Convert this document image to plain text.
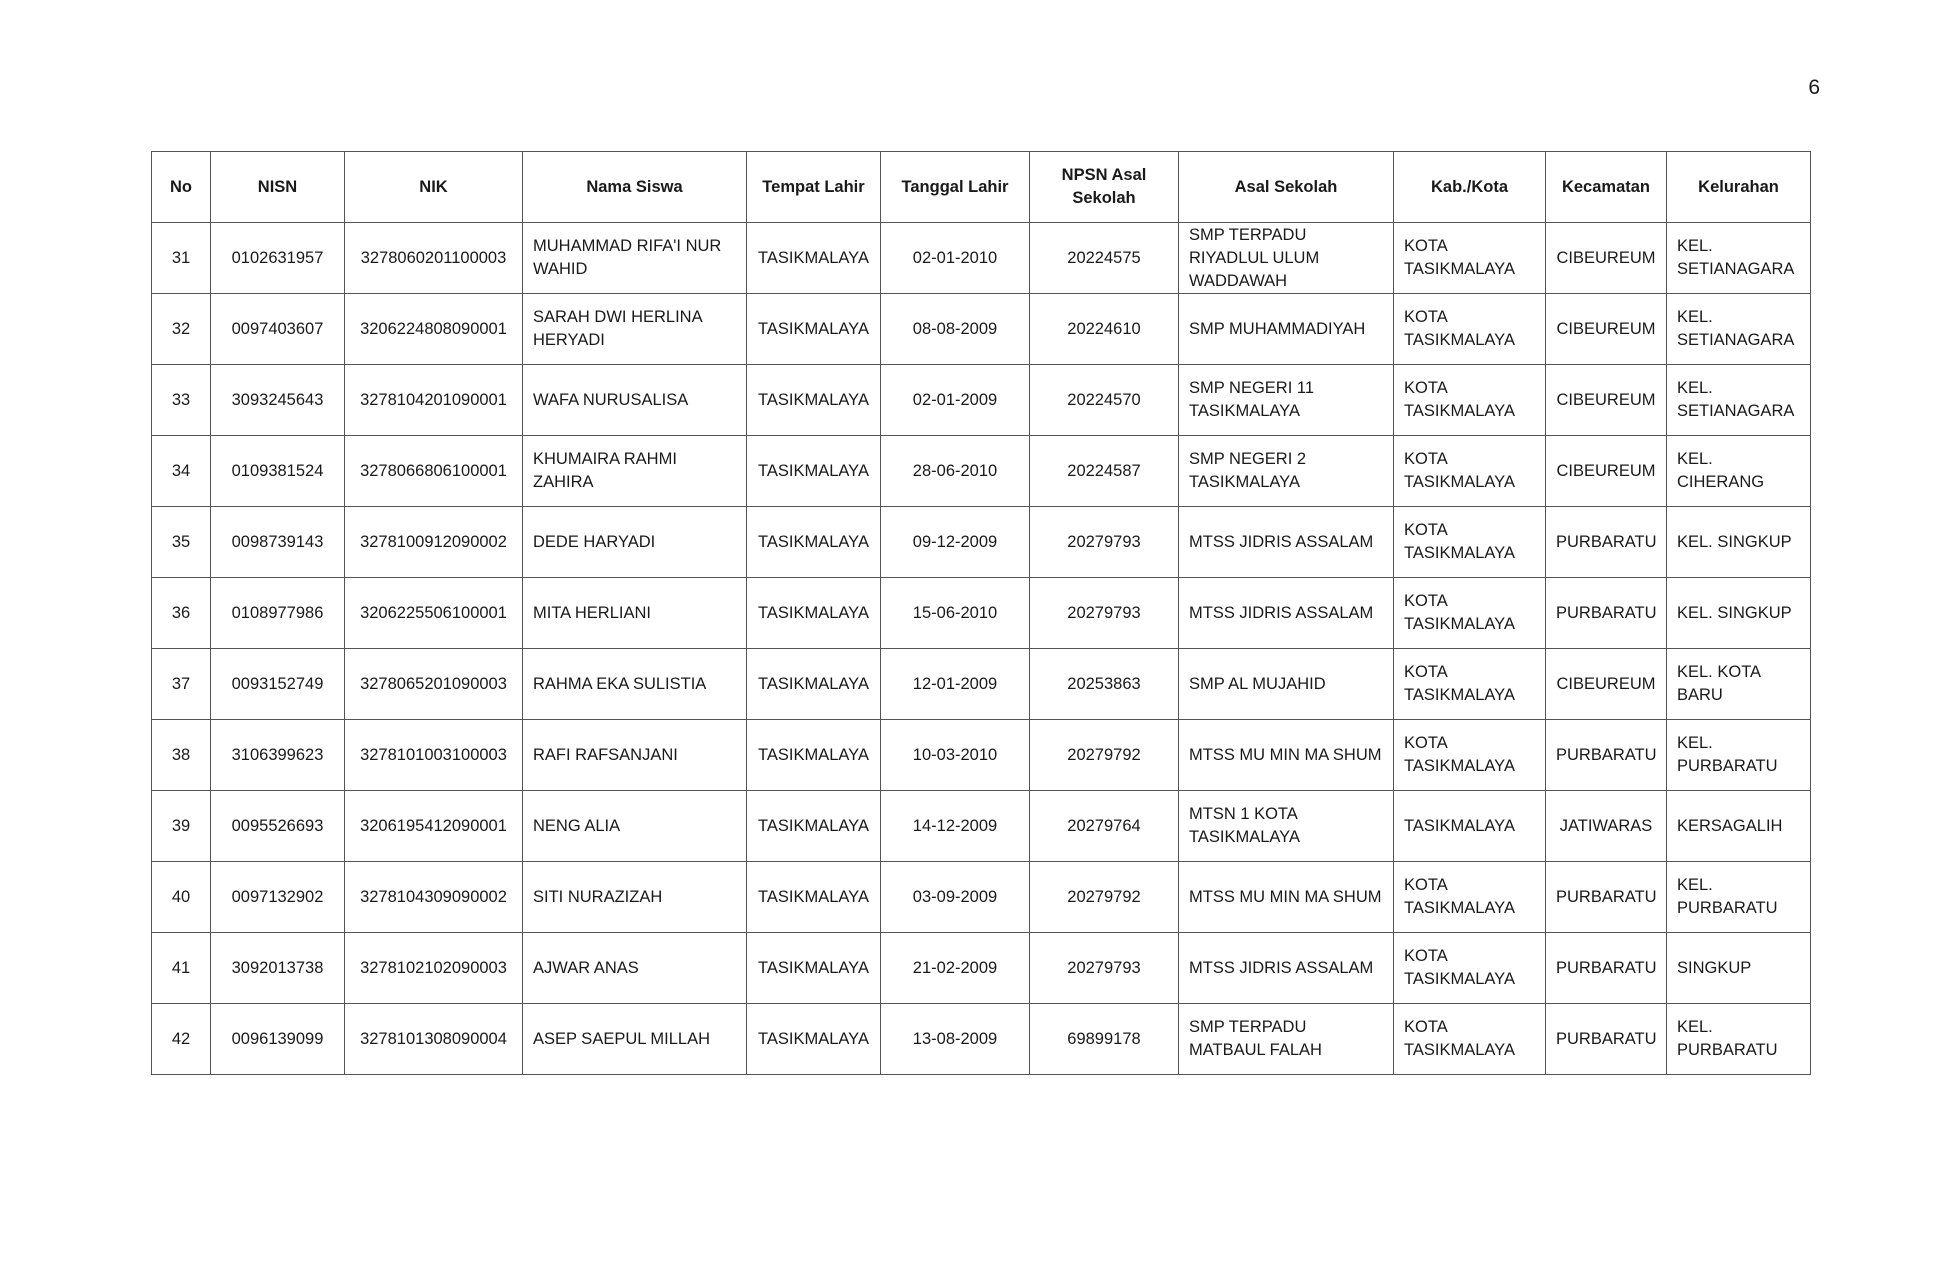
6
No	NISN	NIK	Nama Siswa	Tempat Lahir	Tanggal Lahir	NPSN Asal Sekolah	Asal Sekolah	Kab./Kota	Kecamatan	Kelurahan
31	0102631957	3278060201100003	MUHAMMAD RIFA'I NUR WAHID	TASIKMALAYA	02-01-2010	20224575	SMP TERPADU RIYADLUL ULUM WADDAWAH	KOTA TASIKMALAYA	CIBEUREUM	KEL. SETIANAGARA
32	0097403607	3206224808090001	SARAH DWI HERLINA HERYADI	TASIKMALAYA	08-08-2009	20224610	SMP MUHAMMADIYAH	KOTA TASIKMALAYA	CIBEUREUM	KEL. SETIANAGARA
33	3093245643	3278104201090001	WAFA NURUSALISA	TASIKMALAYA	02-01-2009	20224570	SMP NEGERI 11 TASIKMALAYA	KOTA TASIKMALAYA	CIBEUREUM	KEL. SETIANAGARA
34	0109381524	3278066806100001	KHUMAIRA RAHMI ZAHIRA	TASIKMALAYA	28-06-2010	20224587	SMP NEGERI 2 TASIKMALAYA	KOTA TASIKMALAYA	CIBEUREUM	KEL. CIHERANG
35	0098739143	3278100912090002	DEDE HARYADI	TASIKMALAYA	09-12-2009	20279793	MTSS JIDRIS ASSALAM	KOTA TASIKMALAYA	PURBARATU	KEL. SINGKUP
36	0108977986	3206225506100001	MITA HERLIANI	TASIKMALAYA	15-06-2010	20279793	MTSS JIDRIS ASSALAM	KOTA TASIKMALAYA	PURBARATU	KEL. SINGKUP
37	0093152749	3278065201090003	RAHMA EKA SULISTIA	TASIKMALAYA	12-01-2009	20253863	SMP AL MUJAHID	KOTA TASIKMALAYA	CIBEUREUM	KEL. KOTA BARU
38	3106399623	3278101003100003	RAFI RAFSANJANI	TASIKMALAYA	10-03-2010	20279792	MTSS MU MIN MA SHUM	KOTA TASIKMALAYA	PURBARATU	KEL. PURBARATU
39	0095526693	3206195412090001	NENG ALIA	TASIKMALAYA	14-12-2009	20279764	MTSN 1 KOTA TASIKMALAYA	TASIKMALAYA	JATIWARAS	KERSAGALIH
40	0097132902	3278104309090002	SITI NURAZIZAH	TASIKMALAYA	03-09-2009	20279792	MTSS MU MIN MA SHUM	KOTA TASIKMALAYA	PURBARATU	KEL. PURBARATU
41	3092013738	3278102102090003	AJWAR ANAS	TASIKMALAYA	21-02-2009	20279793	MTSS JIDRIS ASSALAM	KOTA TASIKMALAYA	PURBARATU	SINGKUP
42	0096139099	3278101308090004	ASEP SAEPUL MILLAH	TASIKMALAYA	13-08-2009	69899178	SMP TERPADU MATBAUL FALAH	KOTA TASIKMALAYA	PURBARATU	KEL. PURBARATU
